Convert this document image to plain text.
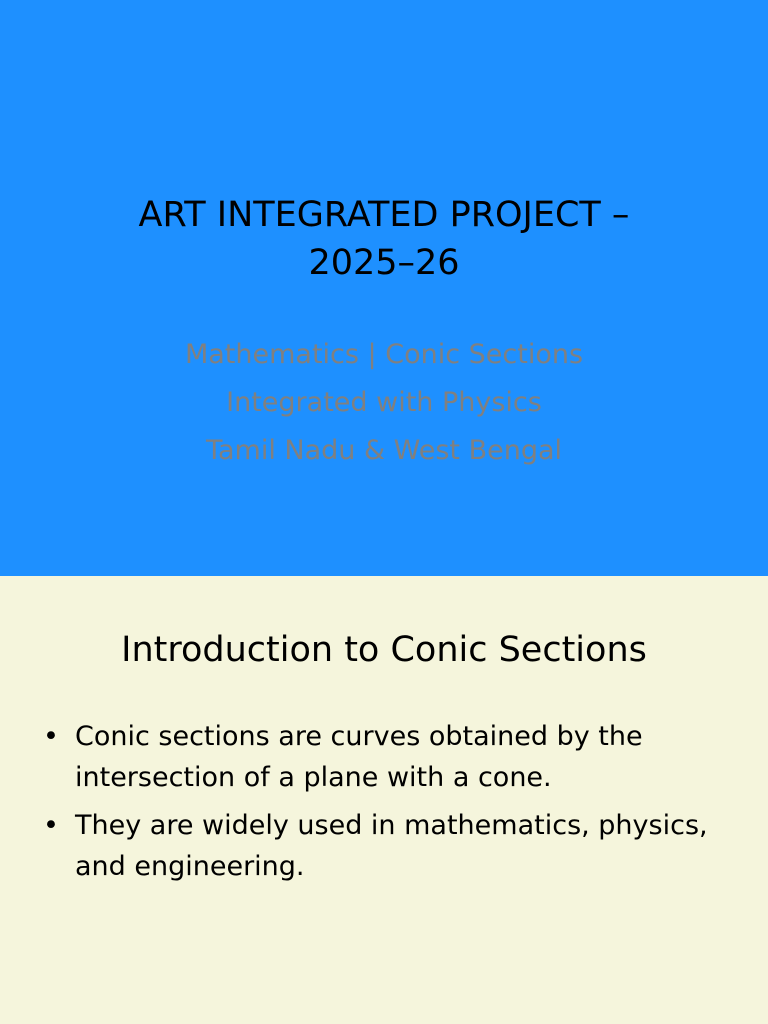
ART INTEGRATED PROJECT –
2025–26
Mathematics | Conic Sections
Integrated with Physics
Tamil Nadu & West Bengal
Introduction to Conic Sections
• Conic sections are curves obtained by the intersection of a plane with a cone.
• They are widely used in mathematics, physics, and engineering.
